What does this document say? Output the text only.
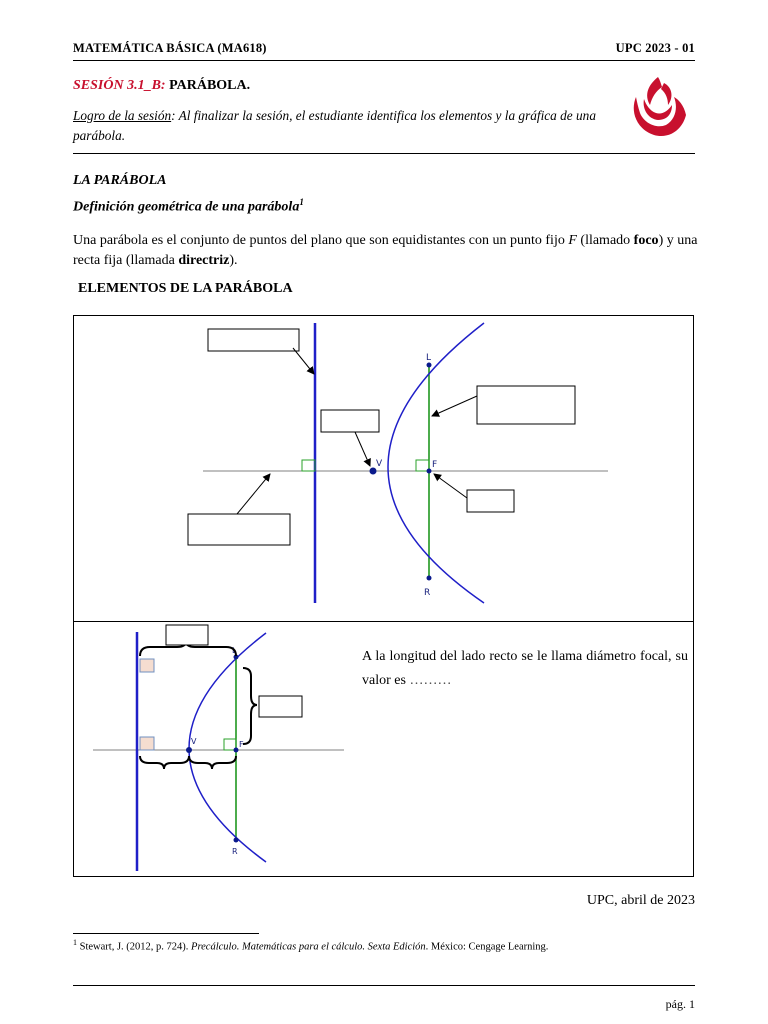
MATEMÁTICA BÁSICA (MA618)	UPC 2023 - 01
SESIÓN 3.1_B: PARÁBOLA.
Logro de la sesión: Al finalizar la sesión, el estudiante identifica los elementos y la gráfica de una parábola.
LA PARÁBOLA
Definición geométrica de una parábola$^1$
Una parábola es el conjunto de puntos del plano que son equidistantes con un punto fijo F (llamado foco) y una recta fija (llamada directriz).
ELEMENTOS DE LA PARÁBOLA
L
V	F
R
L
V	F
R
A la longitud del lado recto se le llama diámetro focal, su valor es ………
UPC, abril de 2023
$^1$ Stewart, J. (2012, p. 724). Precálculo. Matemáticas para el cálculo. Sexta Edición. México: Cengage Learning.
pág. 1
